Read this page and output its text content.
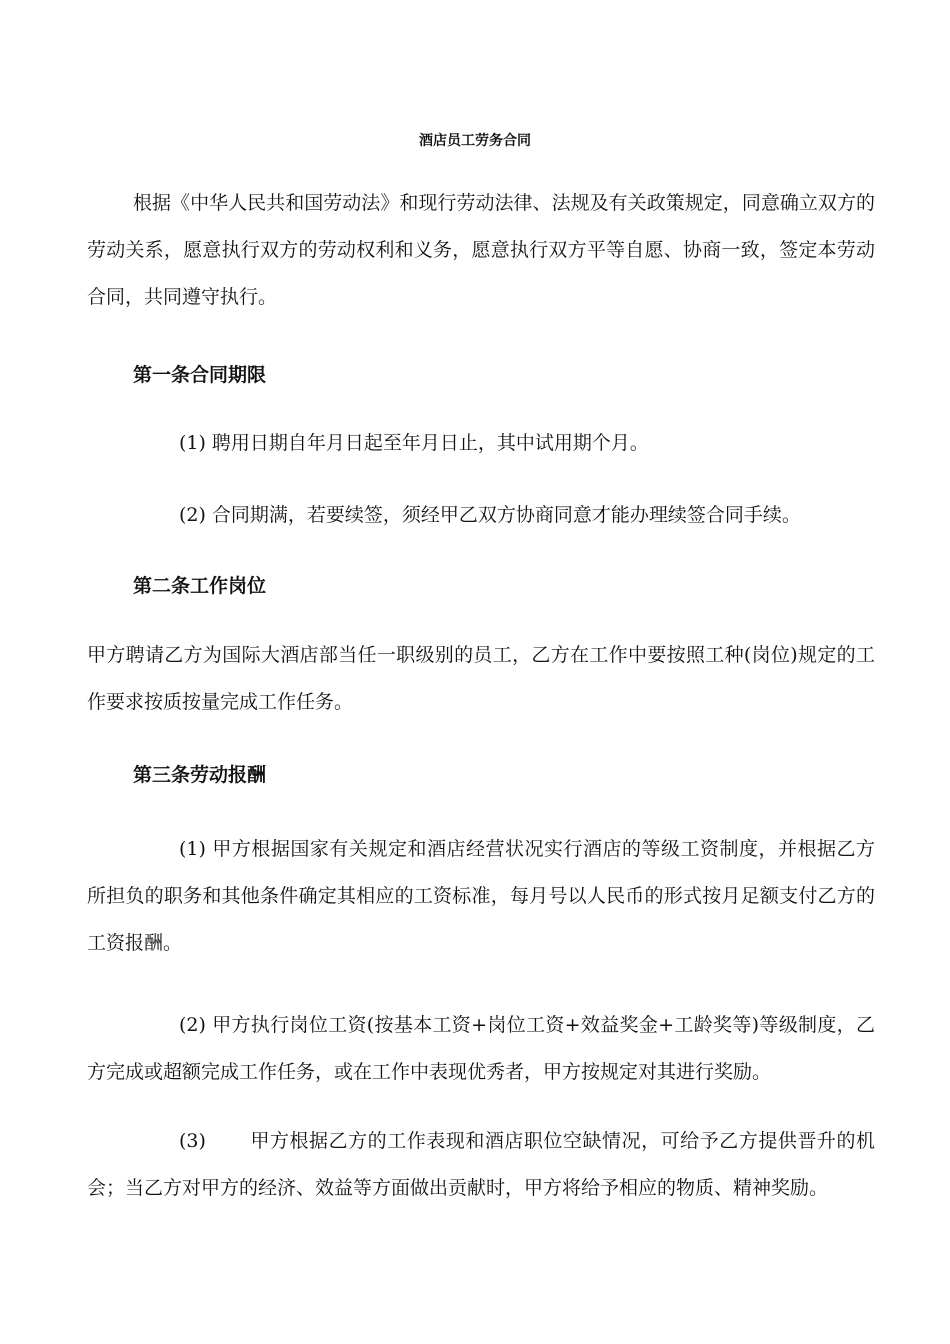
酒店员工劳务合同

根据《中华人民共和国劳动法》和现行劳动法律、法规及有关政策规定，同意确立双方的劳动关系，愿意执行双方的劳动权利和义务，愿意执行双方平等自愿、协商一致，签定本劳动合同，共同遵守执行。

第一条合同期限

(1) 聘用日期自年月日起至年月日止，其中试用期个月。

(2) 合同期满，若要续签，须经甲乙双方协商同意才能办理续签合同手续。

第二条工作岗位

甲方聘请乙方为国际大酒店部当任一职级别的员工，乙方在工作中要按照工种(岗位)规定的工作要求按质按量完成工作任务。

第三条劳动报酬

(1) 甲方根据国家有关规定和酒店经营状况实行酒店的等级工资制度，并根据乙方所担负的职务和其他条件确定其相应的工资标准，每月号以人民币的形式按月足额支付乙方的工资报酬。

(2) 甲方执行岗位工资(按基本工资+岗位工资+效益奖金+工龄奖等)等级制度，乙方完成或超额完成工作任务，或在工作中表现优秀者，甲方按规定对其进行奖励。

(3) 甲方根据乙方的工作表现和酒店职位空缺情况，可给予乙方提供晋升的机会；当乙方对甲方的经济、效益等方面做出贡献时，甲方将给予相应的物质、精神奖励。
